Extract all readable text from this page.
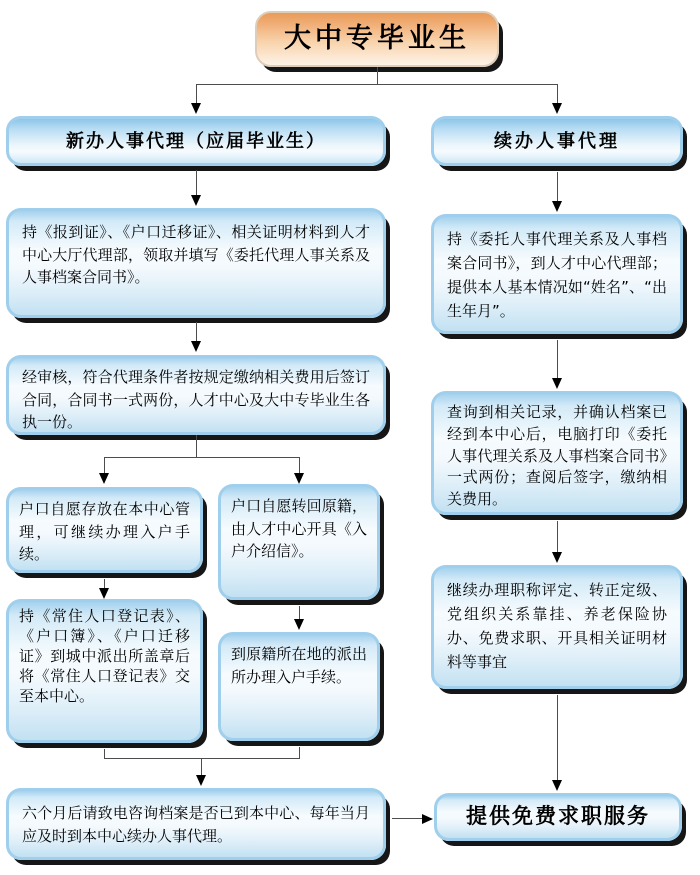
大中专毕业生
新办人事代理（应届毕业生）	续办人事代理
持《报到证》、《户口迁移证》、相关证明材料到人才中心大厅代理部，领取并填写《委托代理人事关系及人事档案合同书》。
经审核，符合代理条件者按规定缴纳相关费用后签订合同，合同书一式两份，人才中心及大中专毕业生各执一份。
户口自愿存放在本中心管理，可继续办理入户手续。
户口自愿转回原籍，由人才中心开具《入户介绍信》。
持《常住人口登记表》、《户口簿》、《户口迁移证》到城中派出所盖章后将《常住人口登记表》交至本中心。
到原籍所在地的派出所办理入户手续。
六个月后请致电咨询档案是否已到本中心、每年当月应及时到本中心续办人事代理。
持《委托人事代理关系及人事档案合同书》，到人才中心代理部；提供本人基本情况如“姓名”、“出生年月”。
查询到相关记录，并确认档案已经到本中心后，电脑打印《委托人事代理关系及人事档案合同书》一式两份；查阅后签字，缴纳相关费用。
继续办理职称评定、转正定级、党组织关系靠挂、养老保险协办、免费求职、开具相关证明材料等事宜
提供免费求职服务
